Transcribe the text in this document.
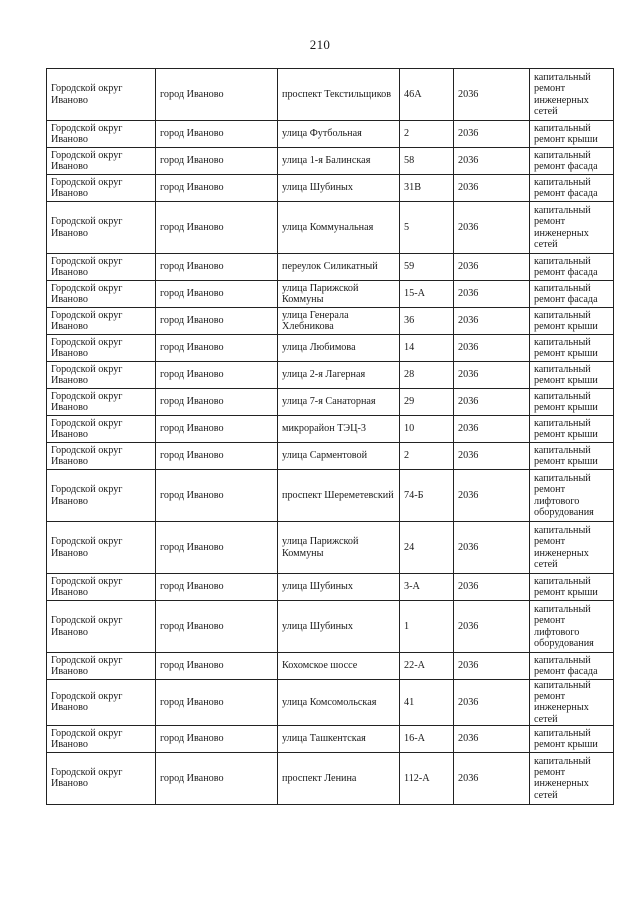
210
Городской округ Иваново	город Иваново	проспект Текстильщиков	46А	2036	капитальный ремонт инженерных сетей
Городской округ Иваново	город Иваново	улица Футбольная	2	2036	капитальный ремонт крыши
Городской округ Иваново	город Иваново	улица 1-я Балинская	58	2036	капитальный ремонт фасада
Городской округ Иваново	город Иваново	улица Шубиных	31В	2036	капитальный ремонт фасада
Городской округ Иваново	город Иваново	улица Коммунальная	5	2036	капитальный ремонт инженерных сетей
Городской округ Иваново	город Иваново	переулок Силикатный	59	2036	капитальный ремонт фасада
Городской округ Иваново	город Иваново	улица Парижской Коммуны	15-А	2036	капитальный ремонт фасада
Городской округ Иваново	город Иваново	улица Генерала Хлебникова	36	2036	капитальный ремонт крыши
Городской округ Иваново	город Иваново	улица Любимова	14	2036	капитальный ремонт крыши
Городской округ Иваново	город Иваново	улица 2-я Лагерная	28	2036	капитальный ремонт крыши
Городской округ Иваново	город Иваново	улица 7-я Санаторная	29	2036	капитальный ремонт крыши
Городской округ Иваново	город Иваново	микрорайон ТЭЦ-3	10	2036	капитальный ремонт крыши
Городской округ Иваново	город Иваново	улица Сарментовой	2	2036	капитальный ремонт крыши
Городской округ Иваново	город Иваново	проспект Шереметевский	74-Б	2036	капитальный ремонт лифтового оборудования
Городской округ Иваново	город Иваново	улица Парижской Коммуны	24	2036	капитальный ремонт инженерных сетей
Городской округ Иваново	город Иваново	улица Шубиных	3-А	2036	капитальный ремонт крыши
Городской округ Иваново	город Иваново	улица Шубиных	1	2036	капитальный ремонт лифтового оборудования
Городской округ Иваново	город Иваново	Кохомское шоссе	22-А	2036	капитальный ремонт фасада
Городской округ Иваново	город Иваново	улица Комсомольская	41	2036	капитальный ремонт инженерных сетей
Городской округ Иваново	город Иваново	улица Ташкентская	16-А	2036	капитальный ремонт крыши
Городской округ Иваново	город Иваново	проспект Ленина	112-А	2036	капитальный ремонт инженерных сетей
